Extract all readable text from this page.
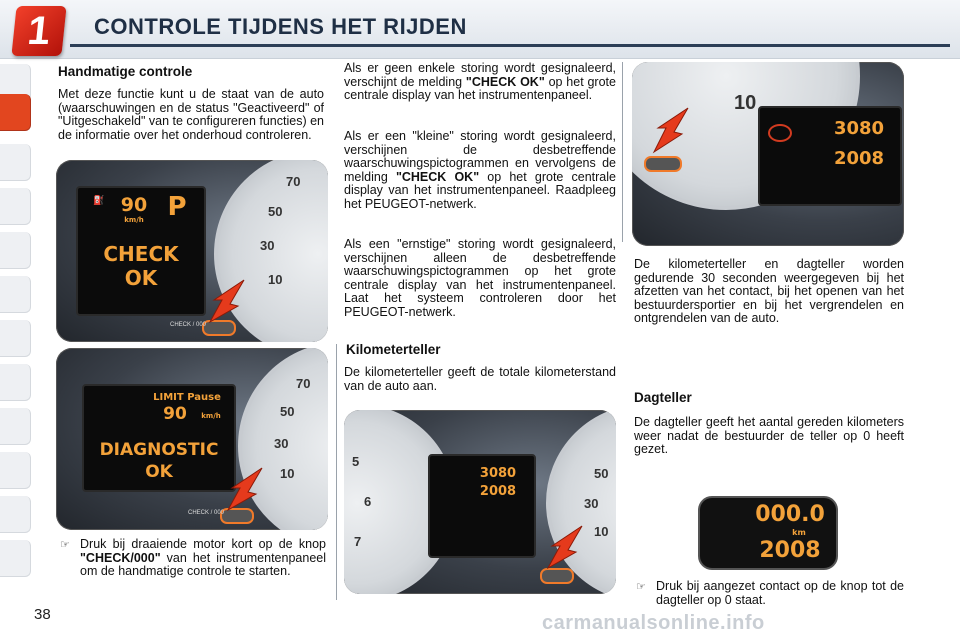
1	CONTROLE TIJDENS HET RIJDEN
Handmatige controle
Met deze functie kunt u de staat van de auto (waarschuwingen en de status "Geactiveerd" of "Uitgeschakeld" van te configureren functies) en de informatie over het onderhoud controleren.
⛽ 90
km/h P
CHECK
OK
70
50
30
10
CHECK / 000
LIMIT Pause
90	km/h
DIAGNOSTIC
OK
70
50
30
10
CHECK / 000
☞ Druk bij draaiende motor kort op de knop "CHECK/000" van het instrumentenpaneel om de handmatige controle te starten.
Als er geen enkele storing wordt gesignaleerd, verschijnt de melding "CHECK OK" op het grote centrale display van het instrumentenpaneel.
Als er een "kleine" storing wordt gesignaleerd, verschijnen de desbetreffende waarschuwingspictogrammen en vervolgens de melding "CHECK OK" op het grote centrale display van het instrumentenpaneel. Raadpleeg het PEUGEOT-netwerk.
Als een "ernstige" storing wordt gesignaleerd, verschijnen alleen de desbetreffende waarschuwingspictogrammen op het grote centrale display van het instrumentenpaneel. Laat het systeem controleren door het PEUGEOT-netwerk.
Kilometerteller
De kilometerteller geeft de totale kilometerstand van de auto aan.
5
6
7
3080
2008
50
30
10
10
3080
2008
De kilometerteller en dagteller worden gedurende 30 seconden weergegeven bij het afzetten van het contact, bij het openen van het bestuurdersportier en bij het vergrendelen en ontgrendelen van de auto.
Dagteller
De dagteller geeft het aantal gereden kilometers weer nadat de bestuurder de teller op 0 heeft gezet.
000.0
km
2008
☞ Druk bij aangezet contact op de knop tot de dagteller op 0 staat.
38	carmanualsonline.info
